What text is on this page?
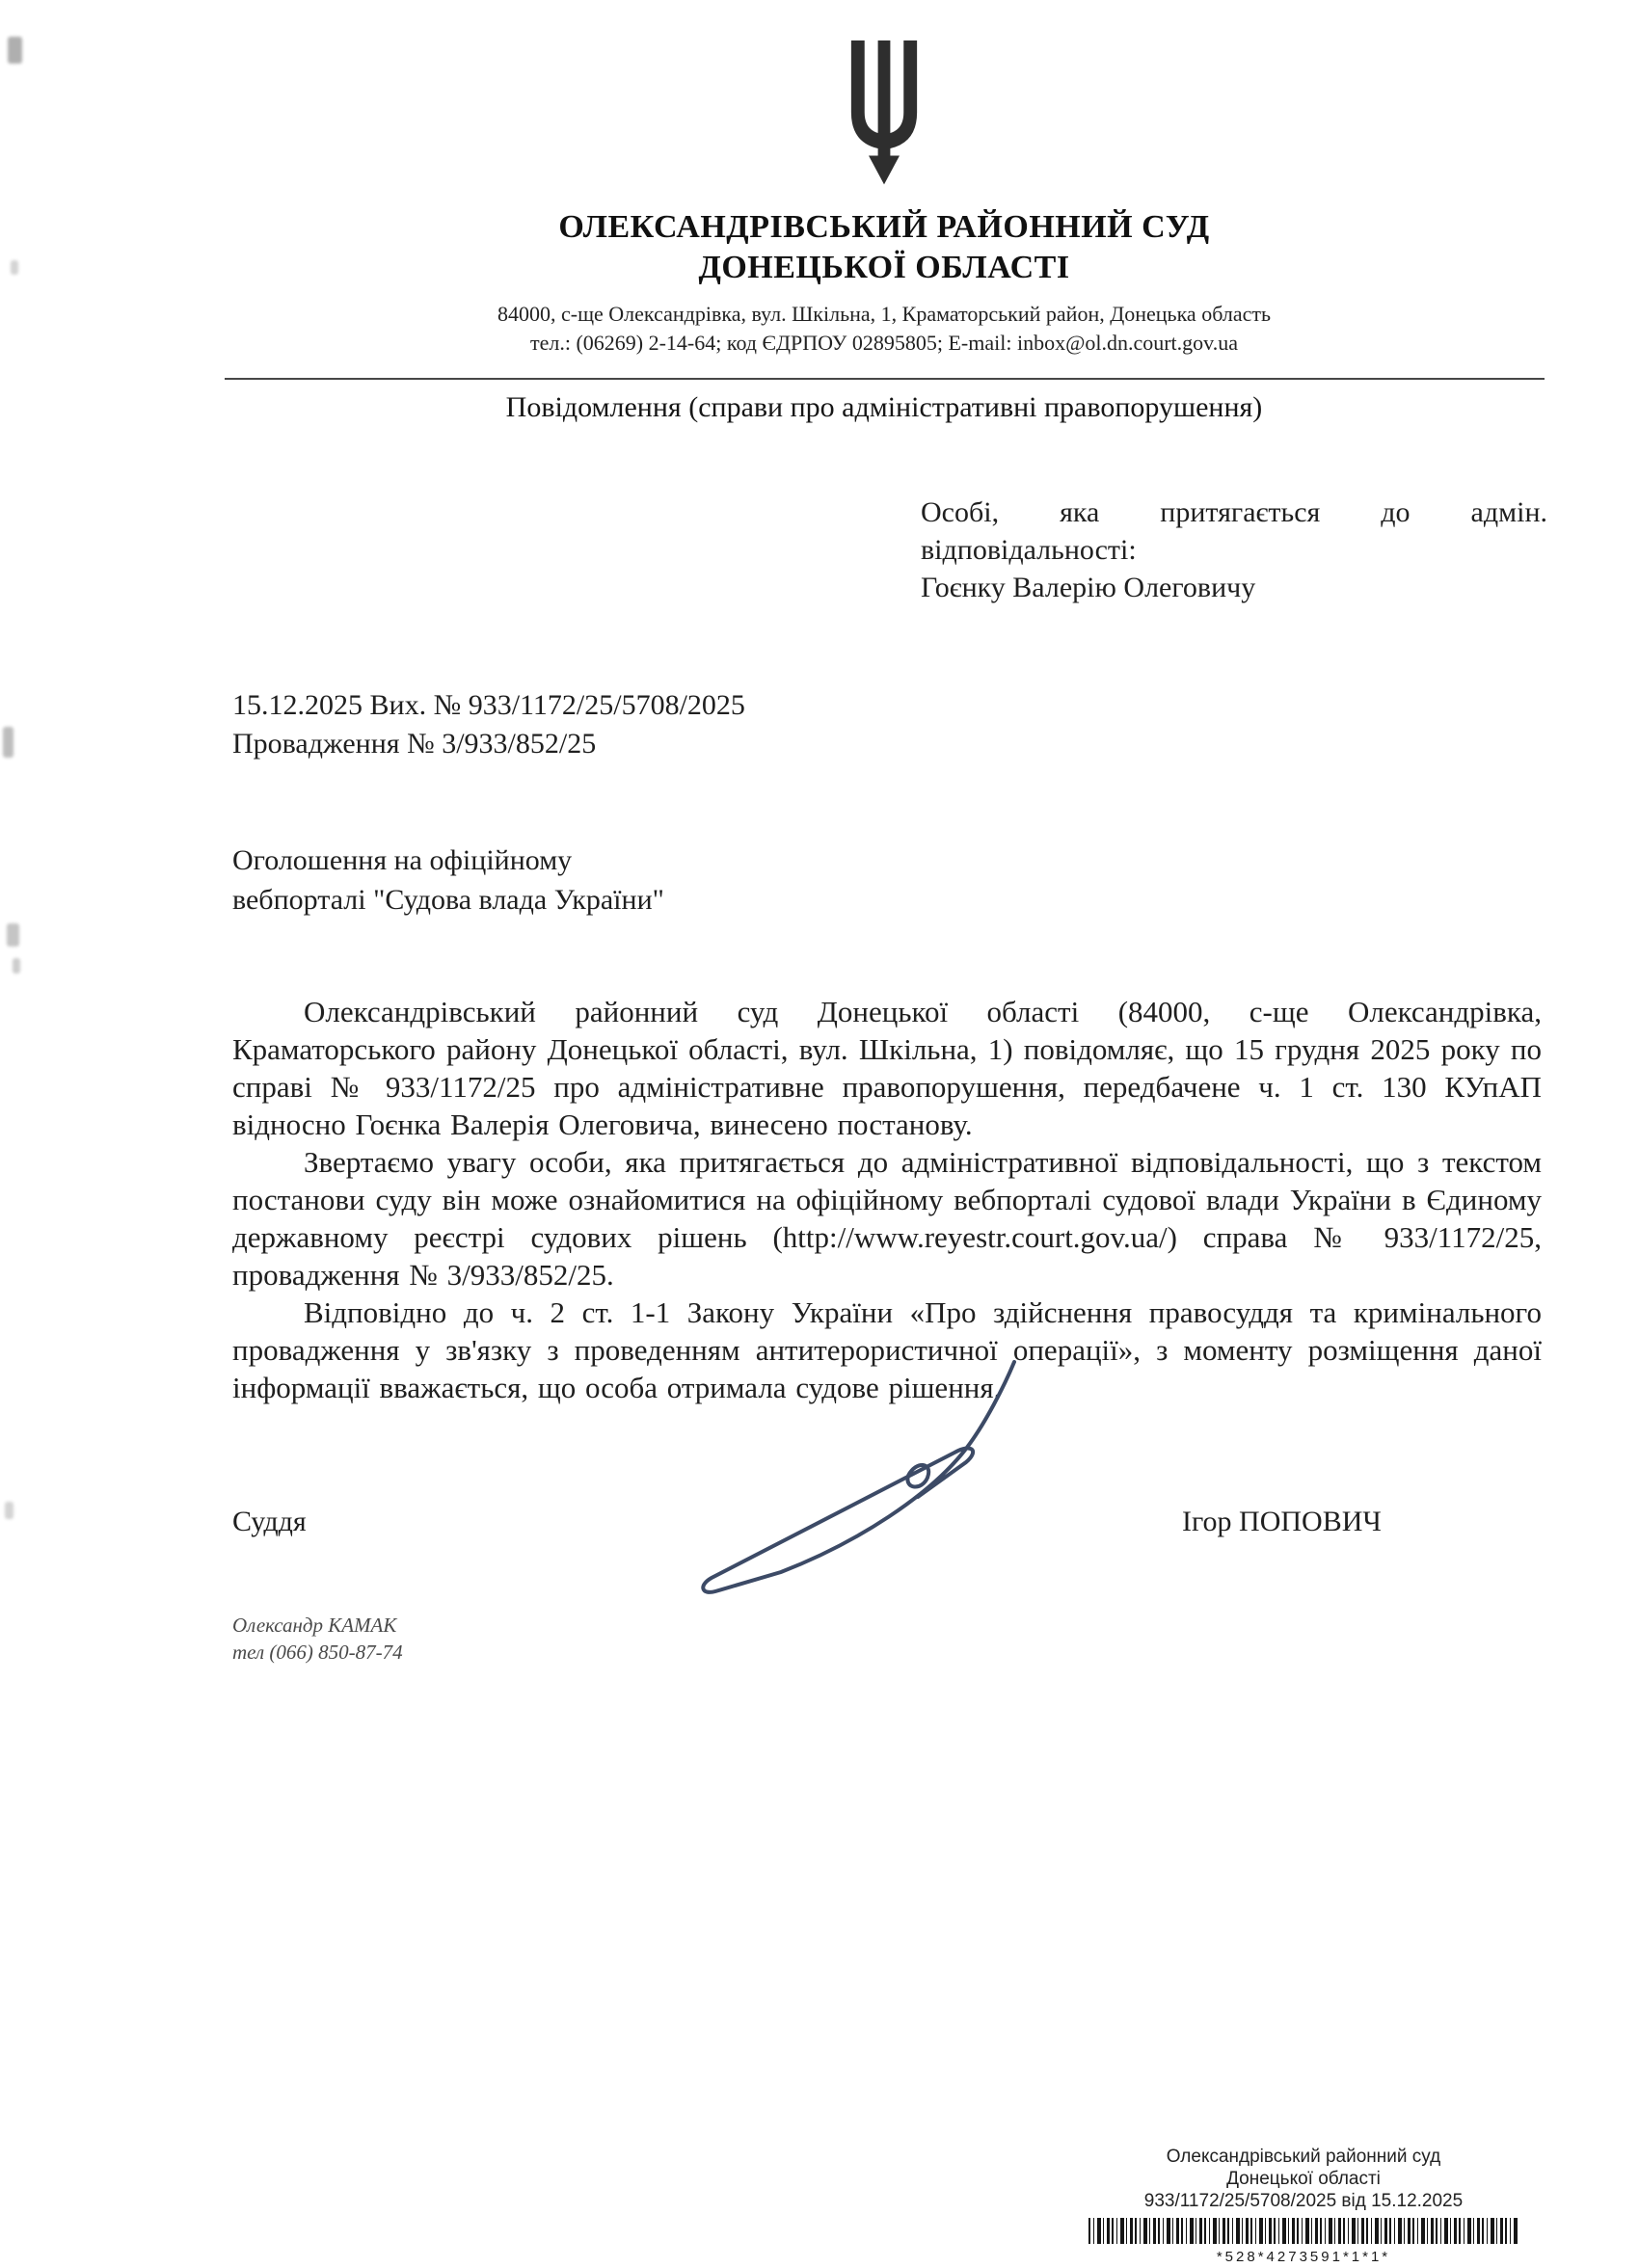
ОЛЕКСАНДРІВСЬКИЙ РАЙОННИЙ СУД
ДОНЕЦЬКОЇ ОБЛАСТІ
84000, с-ще Олександрівка, вул. Шкільна, 1, Краматорський район, Донецька область
тел.: (06269) 2-14-64; код ЄДРПОУ 02895805; E-mail: inbox@ol.dn.court.gov.ua
Повідомлення (справи про адміністративні правопорушення)
Особі, яка притягається до адмін.
відповідальності:
Гоєнку Валерію Олеговичу
15.12.2025 Вих. № 933/1172/25/5708/2025
Провадження № 3/933/852/25
Оголошення на офіційному
вебпорталі "Судова влада України"

Олександрівський районний суд Донецької області (84000, с-ще Олександрівка, Краматорського району Донецької області, вул. Шкільна, 1) повідомляє, що 15 грудня 2025 року по справі № 933/1172/25 про адміністративне правопорушення, передбачене ч. 1 ст. 130 КУпАП відносно Гоєнка Валерія Олеговича, винесено постанову.

Звертаємо увагу особи, яка притягається до адміністративної відповідальності, що з текстом постанови суду він може ознайомитися на офіційному вебпорталі судової влади України в Єдиному державному реєстрі судових рішень (http://www.reyestr.court.gov.ua/) справа № 933/1172/25, провадження № 3/933/852/25.

Відповідно до ч. 2 ст. 1-1 Закону України «Про здійснення правосуддя та кримінального провадження у зв'язку з проведенням антитерористичної операції», з моменту розміщення даної інформації вважається, що особа отримала судове рішення.

Суддя	Ігор ПОПОВИЧ
Олександр КАМАК
тел (066) 850-87-74
Олександрівський районний суд
Донецької області
933/1172/25/5708/2025 від 15.12.2025
*528*4273591*1*1*
